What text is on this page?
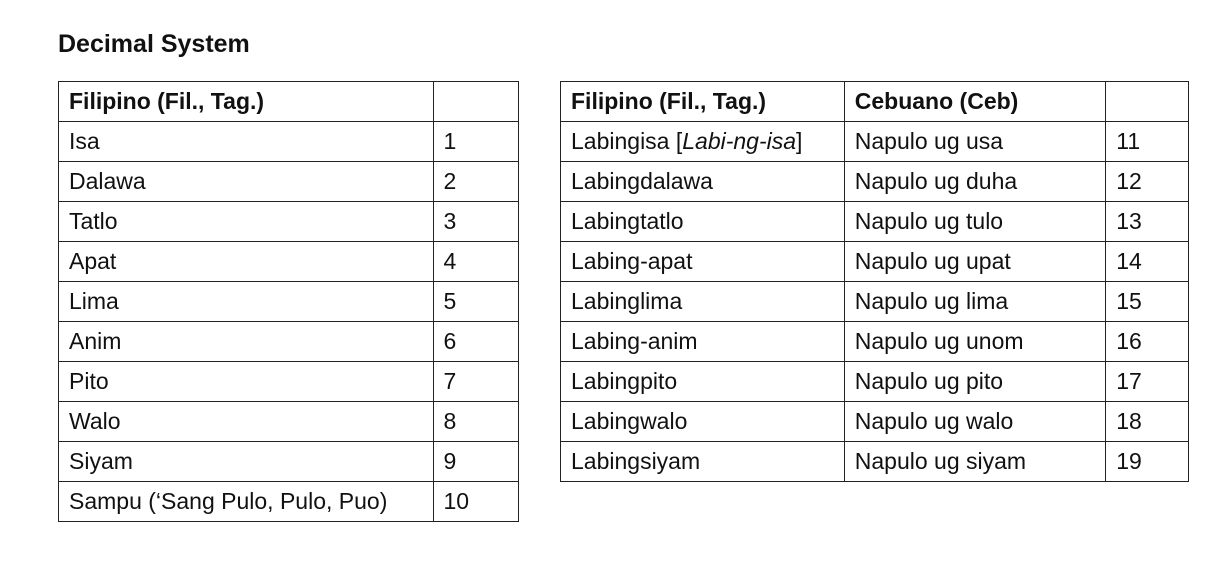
Decimal System
Filipino (Fil., Tag.)	
Isa	1
Dalawa	2
Tatlo	3
Apat	4
Lima	5
Anim	6
Pito	7
Walo	8
Siyam	9
Sampu (‘Sang Pulo, Pulo, Puo)	10
Filipino (Fil., Tag.)	Cebuano (Ceb)	
Labingisa [Labi-ng-isa]	Napulo ug usa	11
Labingdalawa	Napulo ug duha	12
Labingtatlo	Napulo ug tulo	13
Labing-apat	Napulo ug upat	14
Labinglima	Napulo ug lima	15
Labing-anim	Napulo ug unom	16
Labingpito	Napulo ug pito	17
Labingwalo	Napulo ug walo	18
Labingsiyam	Napulo ug siyam	19
